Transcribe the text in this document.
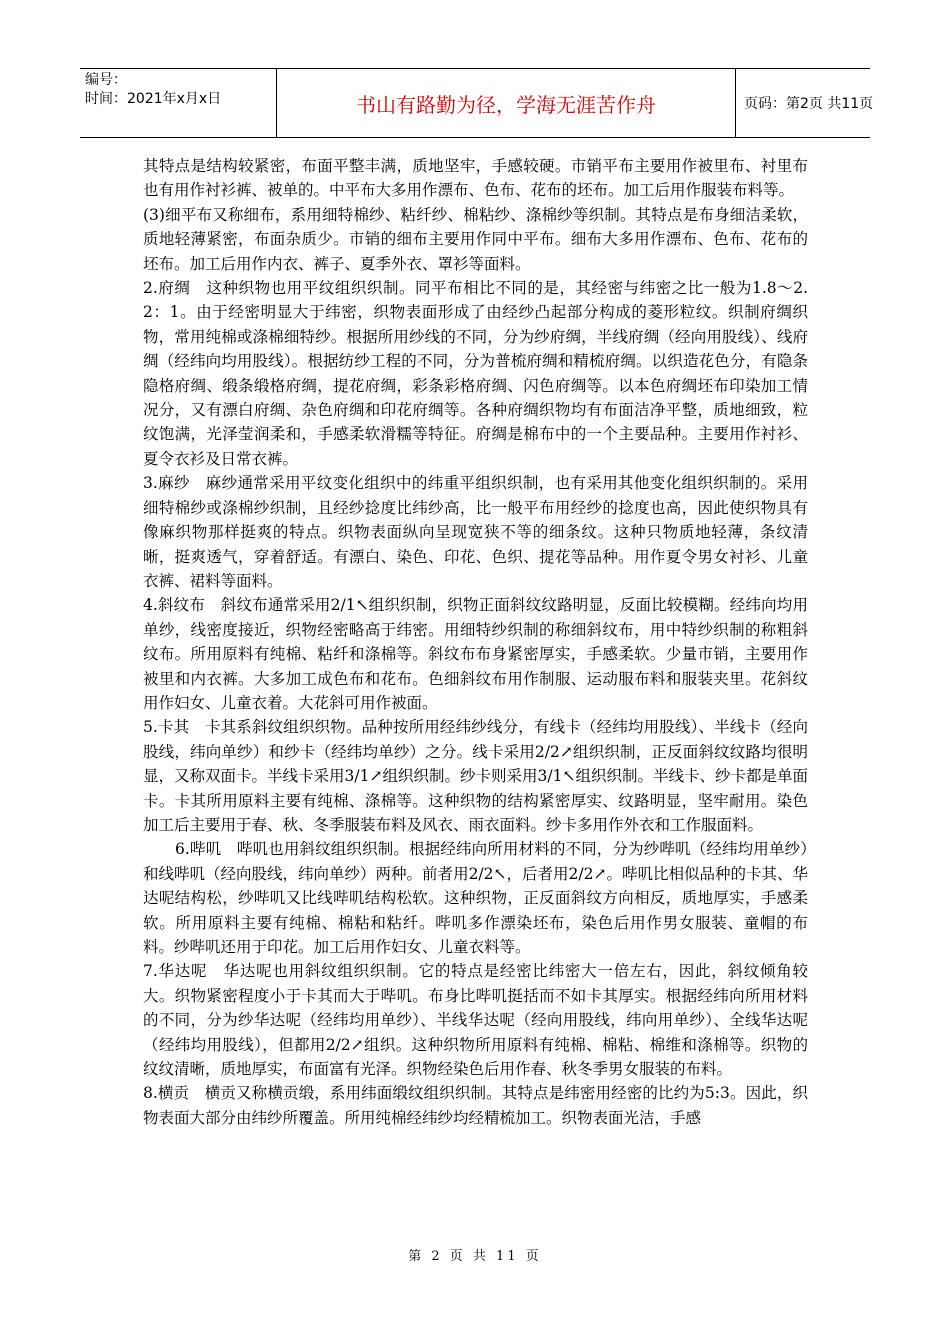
编号：
时间：2021年x月x日	书山有路勤为径，学海无涯苦作舟	页码：第2页 共11页

其特点是结构较紧密，布面平整丰满，质地坚牢，手感较硬。市销平布主要用作被里布、衬里布也有用作衬衫裤、被单的。中平布大多用作漂布、色布、花布的坯布。加工后用作服装布料等。

(3)细平布又称细布，系用细特棉纱、粘纤纱、棉粘纱、涤棉纱等织制。其特点是布身细洁柔软，质地轻薄紧密，布面杂质少。市销的细布主要用作同中平布。细布大多用作漂布、色布、花布的坯布。加工后用作内衣、裤子、夏季外衣、罩衫等面料。

2.府绸　这种织物也用平纹组织织制。同平布相比不同的是，其经密与纬密之比一般为1.8～2.2：1。由于经密明显大于纬密，织物表面形成了由经纱凸起部分构成的菱形粒纹。织制府绸织物，常用纯棉或涤棉细特纱。根据所用纱线的不同，分为纱府绸，半线府绸（经向用股线）、线府绸（经纬向均用股线）。根据纺纱工程的不同，分为普梳府绸和精梳府绸。以织造花色分，有隐条隐格府绸、缎条缎格府绸，提花府绸，彩条彩格府绸、闪色府绸等。以本色府绸坯布印染加工情况分，又有漂白府绸、杂色府绸和印花府绸等。各种府绸织物均有布面洁净平整，质地细致，粒纹饱满，光泽莹润柔和，手感柔软滑糯等特征。府绸是棉布中的一个主要品种。主要用作衬衫、夏令衣衫及日常衣裤。

3.麻纱　麻纱通常采用平纹变化组织中的纬重平组织织制，也有采用其他变化组织织制的。采用细特棉纱或涤棉纱织制，且经纱捻度比纬纱高，比一般平布用经纱的捻度也高，因此使织物具有像麻织物那样挺爽的特点。织物表面纵向呈现宽狭不等的细条纹。这种只物质地轻薄，条纹清晰，挺爽透气，穿着舒适。有漂白、染色、印花、色织、提花等品种。用作夏令男女衬衫、儿童衣裤、裙料等面料。

4.斜纹布　斜纹布通常采用2/1↖组织织制，织物正面斜纹纹路明显，反面比较模糊。经纬向均用单纱，线密度接近，织物经密略高于纬密。用细特纱织制的称细斜纹布，用中特纱织制的称粗斜纹布。所用原料有纯棉、粘纤和涤棉等。斜纹布布身紧密厚实，手感柔软。少量市销，主要用作被里和内衣裤。大多加工成色布和花布。色细斜纹布用作制服、运动服布料和服装夹里。花斜纹用作妇女、儿童衣着。大花斜可用作被面。

5.卡其　卡其系斜纹组织织物。品种按所用经纬纱线分，有线卡（经纬均用股线）、半线卡（经向股线，纬向单纱）和纱卡（经纬均单纱）之分。线卡采用2/2↗组织织制，正反面斜纹纹路均很明显，又称双面卡。半线卡采用3/1↗组织织制。纱卡则采用3/1↖组织织制。半线卡、纱卡都是单面卡。卡其所用原料主要有纯棉、涤棉等。这种织物的结构紧密厚实、纹路明显，坚牢耐用。染色加工后主要用于春、秋、冬季服装布料及风衣、雨衣面料。纱卡多用作外衣和工作服面料。

6.哔叽　哔叽也用斜纹组织织制。根据经纬向所用材料的不同，分为纱哔叽（经纬均用单纱）和线哔叽（经向股线，纬向单纱）两种。前者用2/2↖，后者用2/2↗。哔叽比相似品种的卡其、华达呢结构松，纱哔叽又比线哔叽结构松软。这种织物，正反面斜纹方向相反，质地厚实，手感柔软。所用原料主要有纯棉、棉粘和粘纤。哔叽多作漂染坯布，染色后用作男女服装、童帽的布料。纱哔叽还用于印花。加工后用作妇女、儿童衣料等。

7.华达呢　华达呢也用斜纹组织织制。它的特点是经密比纬密大一倍左右，因此，斜纹倾角较大。织物紧密程度小于卡其而大于哔叽。布身比哔叽挺括而不如卡其厚实。根据经纬向所用材料的不同，分为纱华达呢（经纬均用单纱）、半线华达呢（经向用股线，纬向用单纱）、全线华达呢（经纬均用股线），但都用2/2↗组织。这种织物所用原料有纯棉、棉粘、棉维和涤棉等。织物的纹纹清晰，质地厚实，布面富有光泽。织物经染色后用作春、秋冬季男女服装的布料。

8.横贡　横贡又称横贡缎，系用纬面缎纹组织织制。其特点是纬密用经密的比约为5:3。因此，织物表面大部分由纬纱所覆盖。所用纯棉经纬纱均经精梳加工。织物表面光洁，手感

第 2 页 共 11 页
